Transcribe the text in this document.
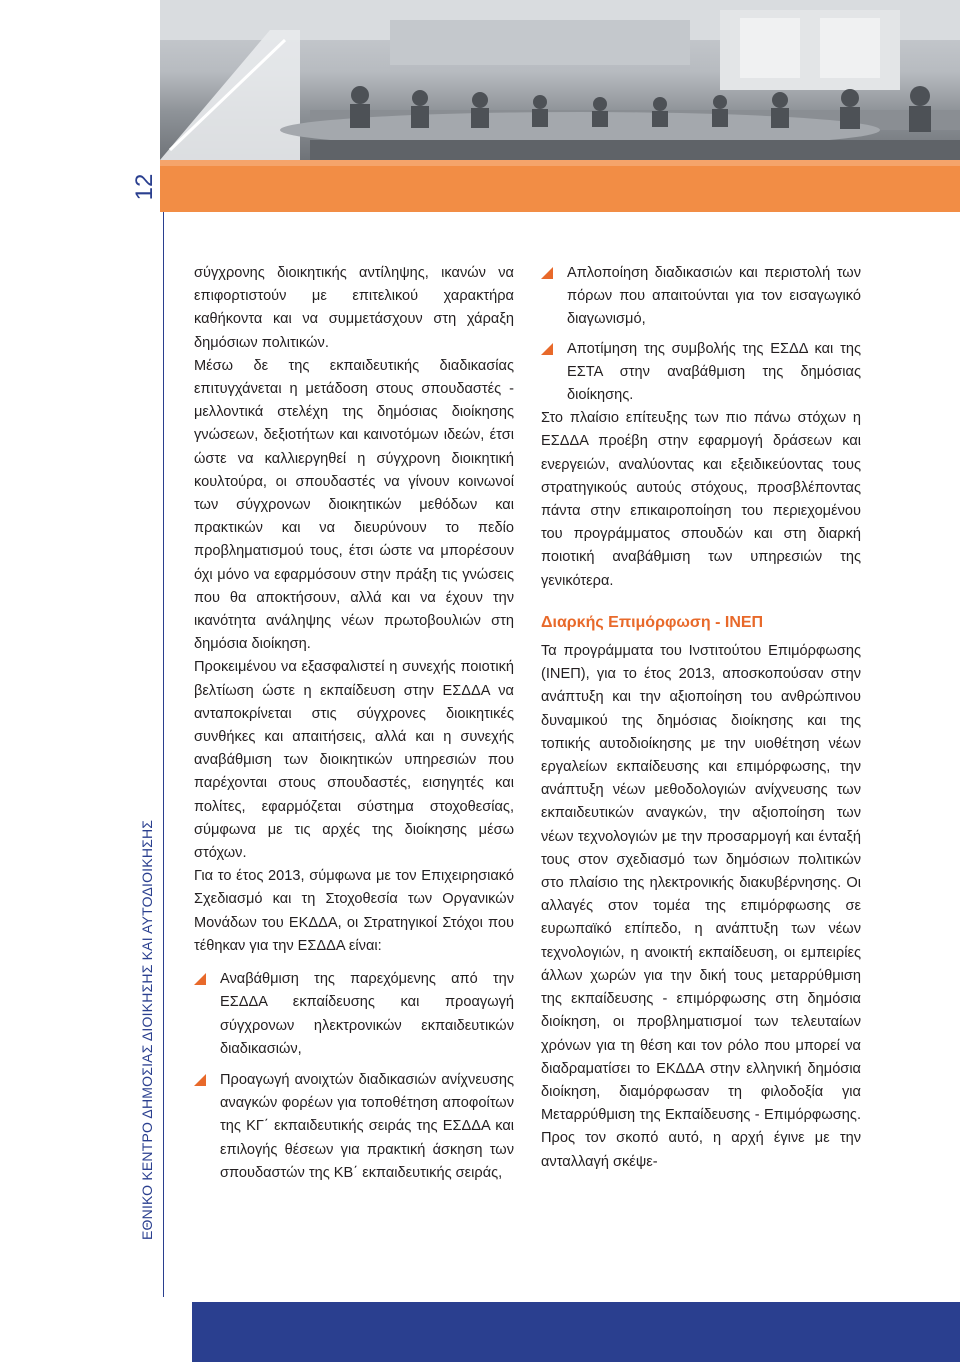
12
ΕΘΝΙΚΟ ΚΕΝΤΡΟ ΔΗΜΟΣΙΑΣ ΔΙΟΙΚΗΣΗΣ ΚΑΙ ΑΥΤΟΔΙΟΙΚΗΣΗΣ

σύγχρονης διοικητικής αντίληψης, ικανών να επιφορτιστούν με επιτελικού χαρακτήρα καθήκοντα και να συμμετάσχουν στη χάραξη δημόσιων πολιτικών.

Μέσω δε της εκπαιδευτικής διαδικασίας επιτυγχάνεται η μετάδοση στους σπουδαστές - μελλοντικά στελέχη της δημόσιας διοίκησης γνώσεων, δεξιοτήτων και καινοτόμων ιδεών, έτσι ώστε να καλλιεργηθεί η σύγχρονη διοικητική κουλτούρα, οι σπουδαστές να γίνουν κοινωνοί των σύγχρονων διοικητικών μεθόδων και πρακτικών και να διευρύνουν το πεδίο προβληματισμού τους, έτσι ώστε να μπορέσουν όχι μόνο να εφαρμόσουν στην πράξη τις γνώσεις που θα αποκτήσουν, αλλά και να έχουν την ικανότητα ανάληψης νέων πρωτοβουλιών στη δημόσια διοίκηση.

Προκειμένου να εξασφαλιστεί η συνεχής ποιοτική βελτίωση ώστε η εκπαίδευση στην ΕΣΔΔΑ να ανταποκρίνεται στις σύγχρονες διοικητικές συνθήκες και απαιτήσεις, αλλά και η συνεχής αναβάθμιση των διοικητικών υπηρεσιών που παρέχονται στους σπουδαστές, εισηγητές και πολίτες, εφαρμόζεται σύστημα στοχοθεσίας, σύμφωνα με τις αρχές της διοίκησης μέσω στόχων.

Για το έτος 2013, σύμφωνα με τον Επιχειρησιακό Σχεδιασμό και τη Στοχοθεσία των Οργανικών Μονάδων του ΕΚΔΔΑ, οι Στρατηγικοί Στόχοι που τέθηκαν για την ΕΣΔΔΑ είναι:

Αναβάθμιση της παρεχόμενης από την ΕΣΔΔΑ εκπαίδευσης και προαγωγή σύγχρονων ηλεκτρονικών εκπαιδευτικών διαδικασιών,

Προαγωγή ανοιχτών διαδικασιών ανίχνευσης αναγκών φορέων για τοποθέτηση αποφοίτων της ΚΓ΄ εκπαιδευτικής σειράς της ΕΣΔΔΑ και επιλογής θέσεων για πρακτική άσκηση των σπουδαστών της ΚΒ΄ εκπαιδευτικής σειράς,

Απλοποίηση διαδικασιών και περιστολή των πόρων που απαιτούνται για τον εισαγωγικό διαγωνισμό,

Αποτίμηση της συμβολής της ΕΣΔΔ και της ΕΣΤΑ στην αναβάθμιση της δημόσιας διοίκησης.

Στο πλαίσιο επίτευξης των πιο πάνω στόχων η ΕΣΔΔΑ προέβη στην εφαρμογή δράσεων και ενεργειών, αναλύοντας και εξειδικεύοντας τους στρατηγικούς αυτούς στόχους, προσβλέποντας πάντα στην επικαιροποίηση του περιεχομένου του προγράμματος σπουδών και στη διαρκή ποιοτική αναβάθμιση των υπηρεσιών της γενικότερα.

Διαρκής Επιμόρφωση - ΙΝΕΠ

Τα προγράμματα του Ινστιτούτου Επιμόρφωσης (ΙΝΕΠ), για το έτος 2013, αποσκοπούσαν στην ανάπτυξη και την αξιοποίηση του ανθρώπινου δυναμικού της δημόσιας διοίκησης και της τοπικής αυτοδιοίκησης με την υιοθέτηση νέων εργαλείων εκπαίδευσης και επιμόρφωσης, την ανάπτυξη νέων μεθοδολογιών ανίχνευσης των εκπαιδευτικών αναγκών, την αξιοποίηση των νέων τεχνολογιών με την προσαρμογή και ένταξή τους στον σχεδιασμό των δημόσιων πολιτικών στο πλαίσιο της ηλεκτρονικής διακυβέρνησης. Οι αλλαγές στον τομέα της επιμόρφωσης σε ευρωπαϊκό επίπεδο, η ανάπτυξη των νέων τεχνολογιών, η ανοικτή εκπαίδευση, οι εμπειρίες άλλων χωρών για την δική τους μεταρρύθμιση της εκπαίδευσης - επιμόρφωσης στη δημόσια διοίκηση, οι προβληματισμοί των τελευταίων χρόνων για τη θέση και τον ρόλο που μπορεί να διαδραματίσει το ΕΚΔΔΑ στην ελληνική δημόσια διοίκηση, διαμόρφωσαν τη φιλοδοξία για Μεταρρύθμιση της Εκπαίδευσης - Επιμόρφωσης. Προς τον σκοπό αυτό, η αρχή έγινε με την ανταλλαγή σκέψε-
